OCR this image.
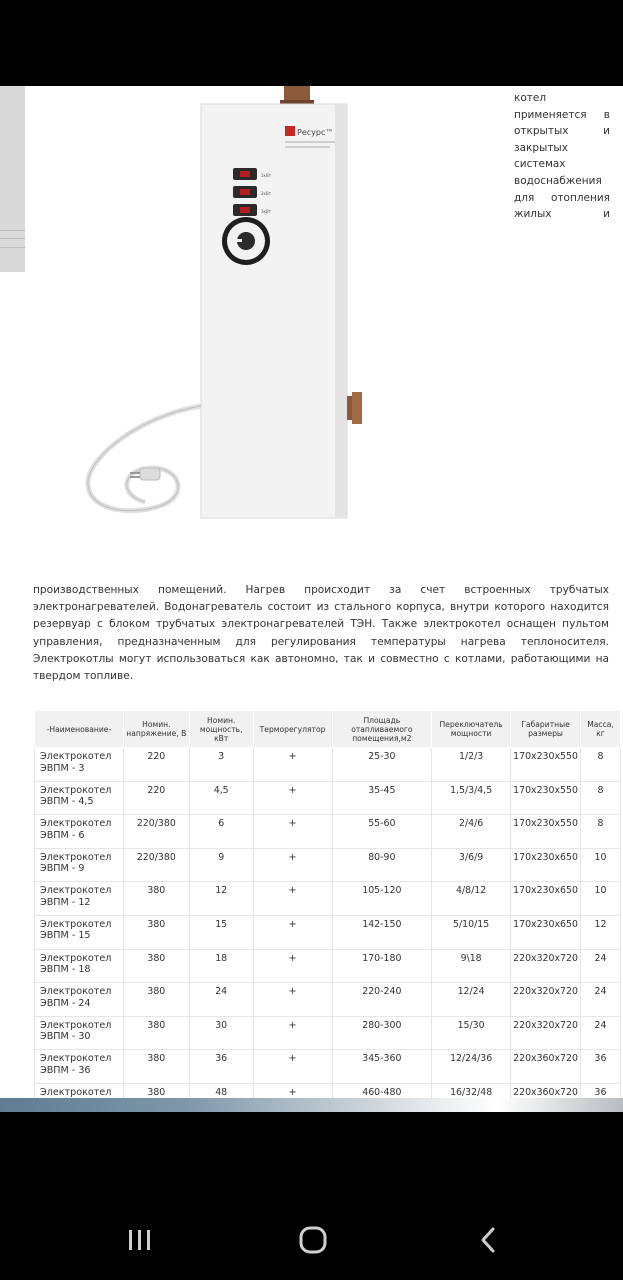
Ресурс™
1кВт
2кВт
3кВт
котел
применяется в
открытых	и
закрытых
системах
водоснабжения
для отопления
жилых	и
производственных помещений. Нагрев происходит за счет встроенных трубчатых электронагревателей. Водонагреватель состоит из стального корпуса, внутри которого находится резервуар с блоком трубчатых электронагревателей ТЭН. Также электрокотел оснащен пультом управления, предназначенным для регулирования температуры нагрева теплоносителя. Электрокотлы могут использоваться как автономно, так и совместно с котлами, работающими на твердом топливе.
-Наименование-	Номин. напряжение, В	Номин. мощность, кВт	Терморегулятор	Площадь отапливаемого помещения,м2	Переключатель мощности	Габаритные размеры	Масса, кг
Электрокотел ЭВПМ - 3	220	3	+	25-30	1/2/3	170x230x550	8
Электрокотел ЭВПМ - 4,5	220	4,5	+	35-45	1,5/3/4,5	170x230x550	8
Электрокотел ЭВПМ - 6	220/380	6	+	55-60	2/4/6	170x230x550	8
Электрокотел ЭВПМ - 9	220/380	9	+	80-90	3/6/9	170x230x650	10
Электрокотел ЭВПМ - 12	380	12	+	105-120	4/8/12	170x230x650	10
Электрокотел ЭВПМ - 15	380	15	+	142-150	5/10/15	170x230x650	12
Электрокотел ЭВПМ - 18	380	18	+	170-180	9\18	220x320x720	24
Электрокотел ЭВПМ - 24	380	24	+	220-240	12/24	220x320x720	24
Электрокотел ЭВПМ - 30	380	30	+	280-300	15/30	220x320x720	24
Электрокотел ЭВПМ - 36	380	36	+	345-360	12/24/36	220x360x720	36
Электрокотел	380	48	+	460-480	16/32/48	220x360x720	36
